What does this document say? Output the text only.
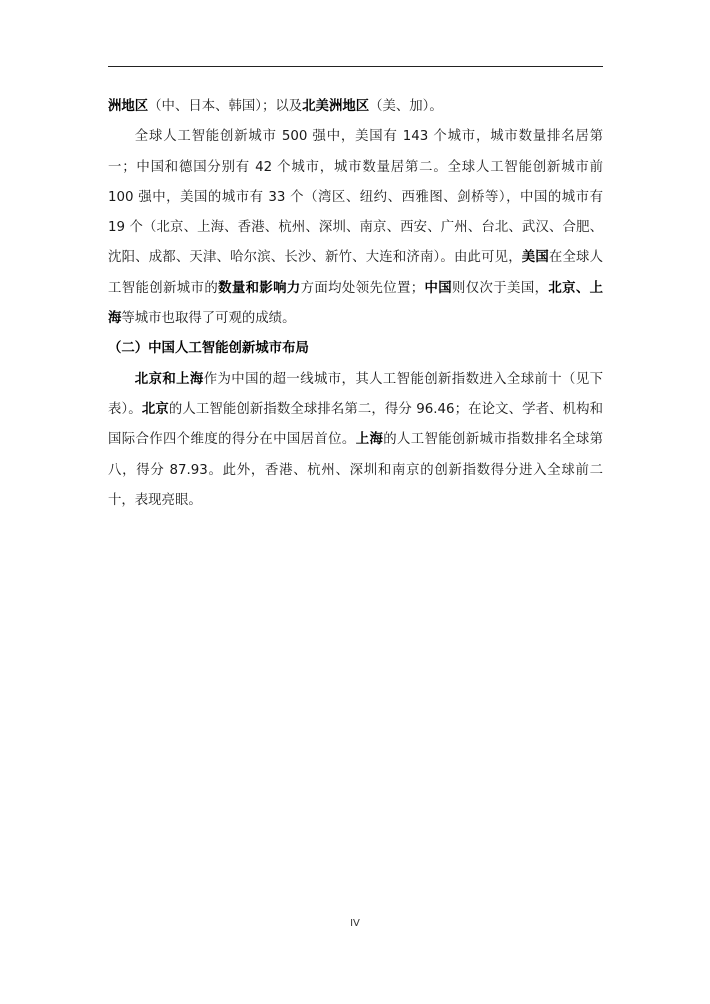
洲地区（中、日本、韩国）；以及北美洲地区（美、加）。

全球人工智能创新城市 500 强中，美国有 143 个城市，城市数量排名居第一；中国和德国分别有 42 个城市，城市数量居第二。全球人工智能创新城市前 100 强中，美国的城市有 33 个（湾区、纽约、西雅图、剑桥等），中国的城市有 19 个（北京、上海、香港、杭州、深圳、南京、西安、广州、台北、武汉、合肥、沈阳、成都、天津、哈尔滨、长沙、新竹、大连和济南）。由此可见，美国在全球人工智能创新城市的数量和影响力方面均处领先位置；中国则仅次于美国，北京、上海等城市也取得了可观的成绩。

（二）中国人工智能创新城市布局

北京和上海作为中国的超一线城市，其人工智能创新指数进入全球前十（见下表）。北京的人工智能创新指数全球排名第二，得分 96.46；在论文、学者、机构和国际合作四个维度的得分在中国居首位。上海的人工智能创新城市指数排名全球第八，得分 87.93。此外，香港、杭州、深圳和南京的创新指数得分进入全球前二十，表现亮眼。

IV
